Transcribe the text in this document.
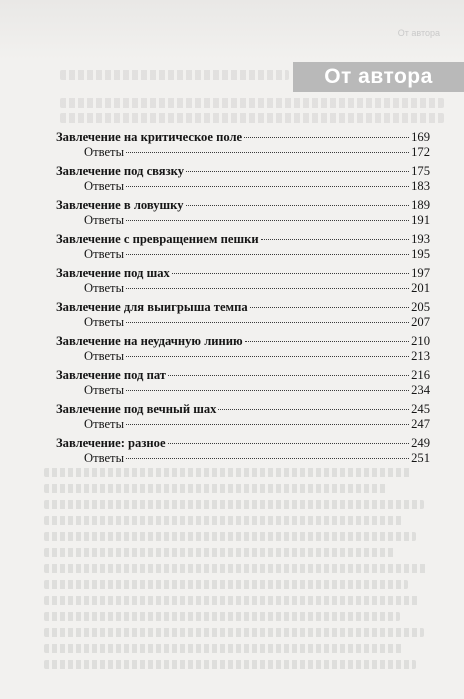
От автора
От автора
Завлечение на критическое поле	169
Ответы	172
Завлечение под связку	175
Ответы	183
Завлечение в ловушку	189
Ответы	191
Завлечение с превращением пешки	193
Ответы	195
Завлечение под шах	197
Ответы	201
Завлечение для выигрыша темпа	205
Ответы	207
Завлечение на неудачную линию	210
Ответы	213
Завлечение под пат	216
Ответы	234
Завлечение под вечный шах	245
Ответы	247
Завлечение: разное	249
Ответы	251
